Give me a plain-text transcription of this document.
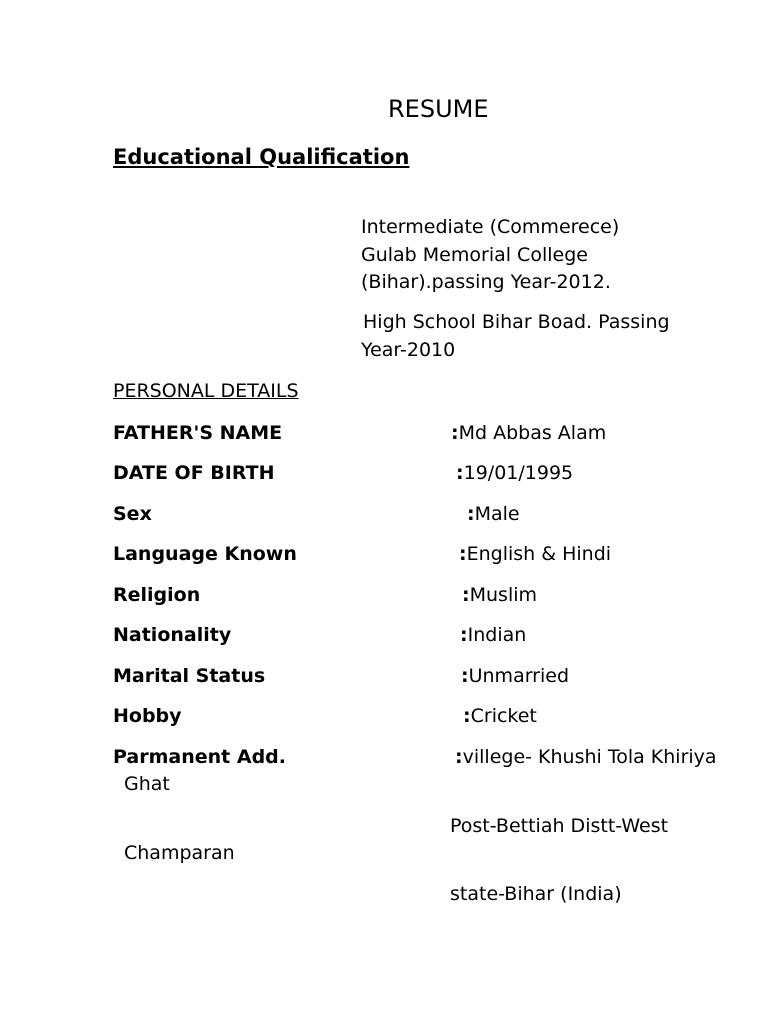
RESUME
Educational Qualification
Intermediate (Commerece)
Gulab Memorial College
(Bihar).passing Year-2012.
High School Bihar Boad. Passing
Year-2010
PERSONAL DETAILS
FATHER'S NAME	:Md Abbas Alam
DATE OF BIRTH	:19/01/1995
Sex	:Male
Language Known	:English & Hindi
Religion	:Muslim
Nationality	:Indian
Marital Status	:Unmarried
Hobby	:Cricket
Parmanent Add.	:villege- Khushi Tola Khiriya
Ghat
Post-Bettiah Distt-West
Champaran
state-Bihar (India)
